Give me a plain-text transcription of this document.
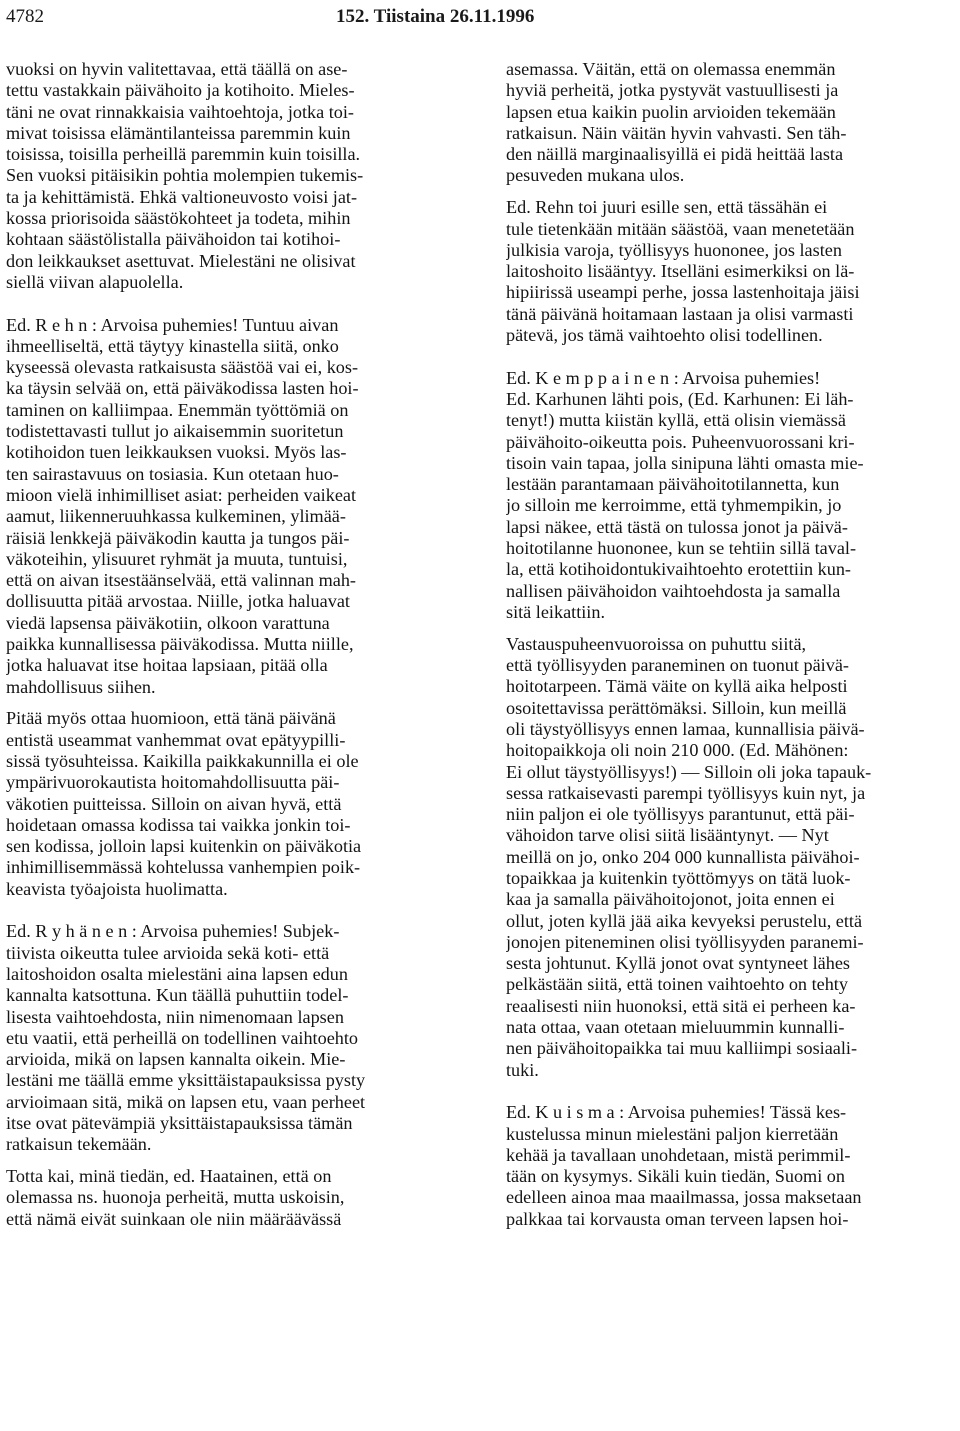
4782	152. Tiistaina 26.11.1996
vuoksi on hyvin valitettavaa, että täällä on ase-
tettu vastakkain päivähoito ja kotihoito. Mieles-
täni ne ovat rinnakkaisia vaihtoehtoja, jotka toi-
mivat toisissa elämäntilanteissa paremmin kuin
toisissa, toisilla perheillä paremmin kuin toisilla.
Sen vuoksi pitäisikin pohtia molempien tukemis-
ta ja kehittämistä. Ehkä valtioneuvosto voisi jat-
kossa priorisoida säästökohteet ja todeta, mihin
kohtaan säästölistalla päivähoidon tai kotihoi-
don leikkaukset asettuvat. Mielestäni ne olisivat
siellä viivan alapuolella.
Ed. R e h n : Arvoisa puhemies! Tuntuu aivan
ihmeelliseltä, että täytyy kinastella siitä, onko
kyseessä olevasta ratkaisusta säästöä vai ei, kos-
ka täysin selvää on, että päiväkodissa lasten hoi-
taminen on kalliimpaa. Enemmän työttömiä on
todistettavasti tullut jo aikaisemmin suoritetun
kotihoidon tuen leikkauksen vuoksi. Myös las-
ten sairastavuus on tosiasia. Kun otetaan huo-
mioon vielä inhimilliset asiat: perheiden vaikeat
aamut, liikenneruuhkassa kulkeminen, ylimää-
räisiä lenkkejä päiväkodin kautta ja tungos päi-
väkoteihin, ylisuuret ryhmät ja muuta, tuntuisi,
että on aivan itsestäänselvää, että valinnan mah-
dollisuutta pitää arvostaa. Niille, jotka haluavat
viedä lapsensa päiväkotiin, olkoon varattuna
paikka kunnallisessa päiväkodissa. Mutta niille,
jotka haluavat itse hoitaa lapsiaan, pitää olla
mahdollisuus siihen.
Pitää myös ottaa huomioon, että tänä päivänä
entistä useammat vanhemmat ovat epätyypilli-
sissä työsuhteissa. Kaikilla paikkakunnilla ei ole
ympärivuorokautista hoitomahdollisuutta päi-
väkotien puitteissa. Silloin on aivan hyvä, että
hoidetaan omassa kodissa tai vaikka jonkin toi-
sen kodissa, jolloin lapsi kuitenkin on päiväkotia
inhimillisemmässä kohtelussa vanhempien poik-
keavista työajoista huolimatta.
Ed. R y h ä n e n : Arvoisa puhemies! Subjek-
tiivista oikeutta tulee arvioida sekä koti- että
laitoshoidon osalta mielestäni aina lapsen edun
kannalta katsottuna. Kun täällä puhuttiin todel-
lisesta vaihtoehdosta, niin nimenomaan lapsen
etu vaatii, että perheillä on todellinen vaihtoehto
arvioida, mikä on lapsen kannalta oikein. Mie-
lestäni me täällä emme yksittäistapauksissa pysty
arvioimaan sitä, mikä on lapsen etu, vaan perheet
itse ovat pätevämpiä yksittäistapauksissa tämän
ratkaisun tekemään.
Totta kai, minä tiedän, ed. Haatainen, että on
olemassa ns. huonoja perheitä, mutta uskoisin,
että nämä eivät suinkaan ole niin määräävässä
asemassa. Väitän, että on olemassa enemmän
hyviä perheitä, jotka pystyvät vastuullisesti ja
lapsen etua kaikin puolin arvioiden tekemään
ratkaisun. Näin väitän hyvin vahvasti. Sen täh-
den näillä marginaalisyillä ei pidä heittää lasta
pesuveden mukana ulos.
Ed. Rehn toi juuri esille sen, että tässähän ei
tule tietenkään mitään säästöä, vaan menetetään
julkisia varoja, työllisyys huononee, jos lasten
laitoshoito lisääntyy. Itselläni esimerkiksi on lä-
hipiirissä useampi perhe, jossa lastenhoitaja jäisi
tänä päivänä hoitamaan lastaan ja olisi varmasti
pätevä, jos tämä vaihtoehto olisi todellinen.
Ed. K e m p p a i n e n : Arvoisa puhemies!
Ed. Karhunen lähti pois, (Ed. Karhunen: Ei läh-
tenyt!) mutta kiistän kyllä, että olisin viemässä
päivähoito-oikeutta pois. Puheenvuorossani kri-
tisoin vain tapaa, jolla sinipuna lähti omasta mie-
lestään parantamaan päivähoitotilannetta, kun
jo silloin me kerroimme, että tyhmempikin, jo
lapsi näkee, että tästä on tulossa jonot ja päivä-
hoitotilanne huononee, kun se tehtiin sillä taval-
la, että kotihoidontukivaihtoehto erotettiin kun-
nallisen päivähoidon vaihtoehdosta ja samalla
sitä leikattiin.
Vastauspuheenvuoroissa on puhuttu siitä,
että työllisyyden paraneminen on tuonut päivä-
hoitotarpeen. Tämä väite on kyllä aika helposti
osoitettavissa perättömäksi. Silloin, kun meillä
oli täystyöllisyys ennen lamaa, kunnallisia päivä-
hoitopaikkoja oli noin 210 000. (Ed. Mähönen:
Ei ollut täystyöllisyys!) — Silloin oli joka tapauk-
sessa ratkaisevasti parempi työllisyys kuin nyt, ja
niin paljon ei ole työllisyys parantunut, että päi-
vähoidon tarve olisi siitä lisääntynyt. — Nyt
meillä on jo, onko 204 000 kunnallista päivähoi-
topaikkaa ja kuitenkin työttömyys on tätä luok-
kaa ja samalla päivähoitojonot, joita ennen ei
ollut, joten kyllä jää aika kevyeksi perustelu, että
jonojen piteneminen olisi työllisyyden paranemi-
sesta johtunut. Kyllä jonot ovat syntyneet lähes
pelkästään siitä, että toinen vaihtoehto on tehty
reaalisesti niin huonoksi, että sitä ei perheen ka-
nata ottaa, vaan otetaan mieluummin kunnalli-
nen päivähoitopaikka tai muu kalliimpi sosiaali-
tuki.
Ed. K u i s m a : Arvoisa puhemies! Tässä kes-
kustelussa minun mielestäni paljon kierretään
kehää ja tavallaan unohdetaan, mistä perimmil-
tään on kysymys. Sikäli kuin tiedän, Suomi on
edelleen ainoa maa maailmassa, jossa maksetaan
palkkaa tai korvausta oman terveen lapsen hoi-
